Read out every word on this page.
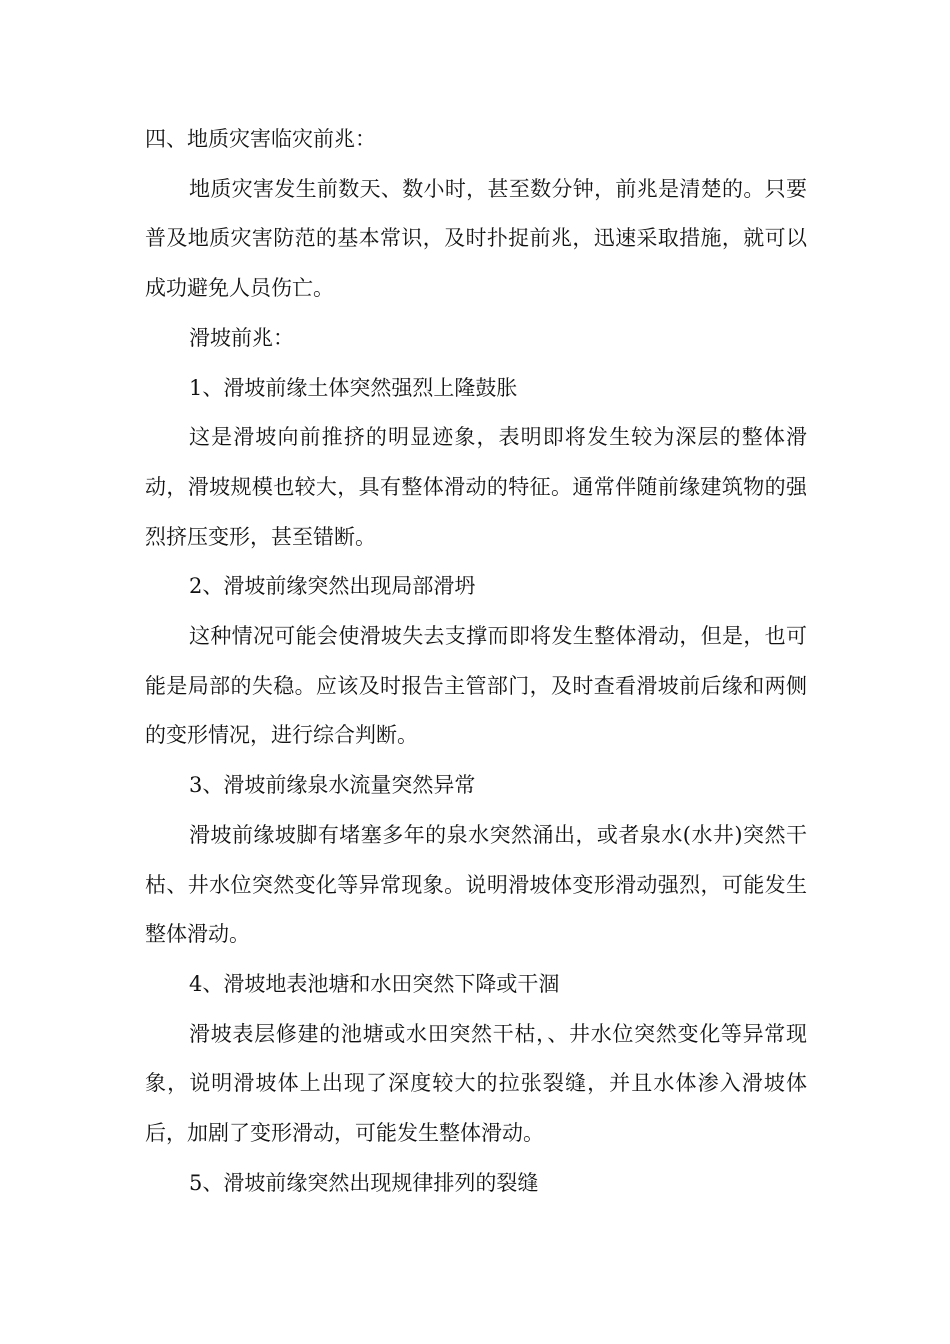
四、地质灾害临灾前兆：

地质灾害发生前数天、数小时，甚至数分钟，前兆是清楚的。只要普及地质灾害防范的基本常识，及时扑捉前兆，迅速采取措施，就可以成功避免人员伤亡。

滑坡前兆：

1、滑坡前缘土体突然强烈上隆鼓胀

这是滑坡向前推挤的明显迹象，表明即将发生较为深层的整体滑动，滑坡规模也较大，具有整体滑动的特征。通常伴随前缘建筑物的强烈挤压变形，甚至错断。

2、滑坡前缘突然出现局部滑坍

这种情况可能会使滑坡失去支撑而即将发生整体滑动，但是，也可能是局部的失稳。应该及时报告主管部门，及时查看滑坡前后缘和两侧的变形情况，进行综合判断。

3、滑坡前缘泉水流量突然异常

滑坡前缘坡脚有堵塞多年的泉水突然涌出，或者泉水(水井)突然干枯、井水位突然变化等异常现象。说明滑坡体变形滑动强烈，可能发生整体滑动。

4、滑坡地表池塘和水田突然下降或干涸

滑坡表层修建的池塘或水田突然干枯，、井水位突然变化等异常现象，说明滑坡体上出现了深度较大的拉张裂缝，并且水体渗入滑坡体后，加剧了变形滑动，可能发生整体滑动。

5、滑坡前缘突然出现规律排列的裂缝
